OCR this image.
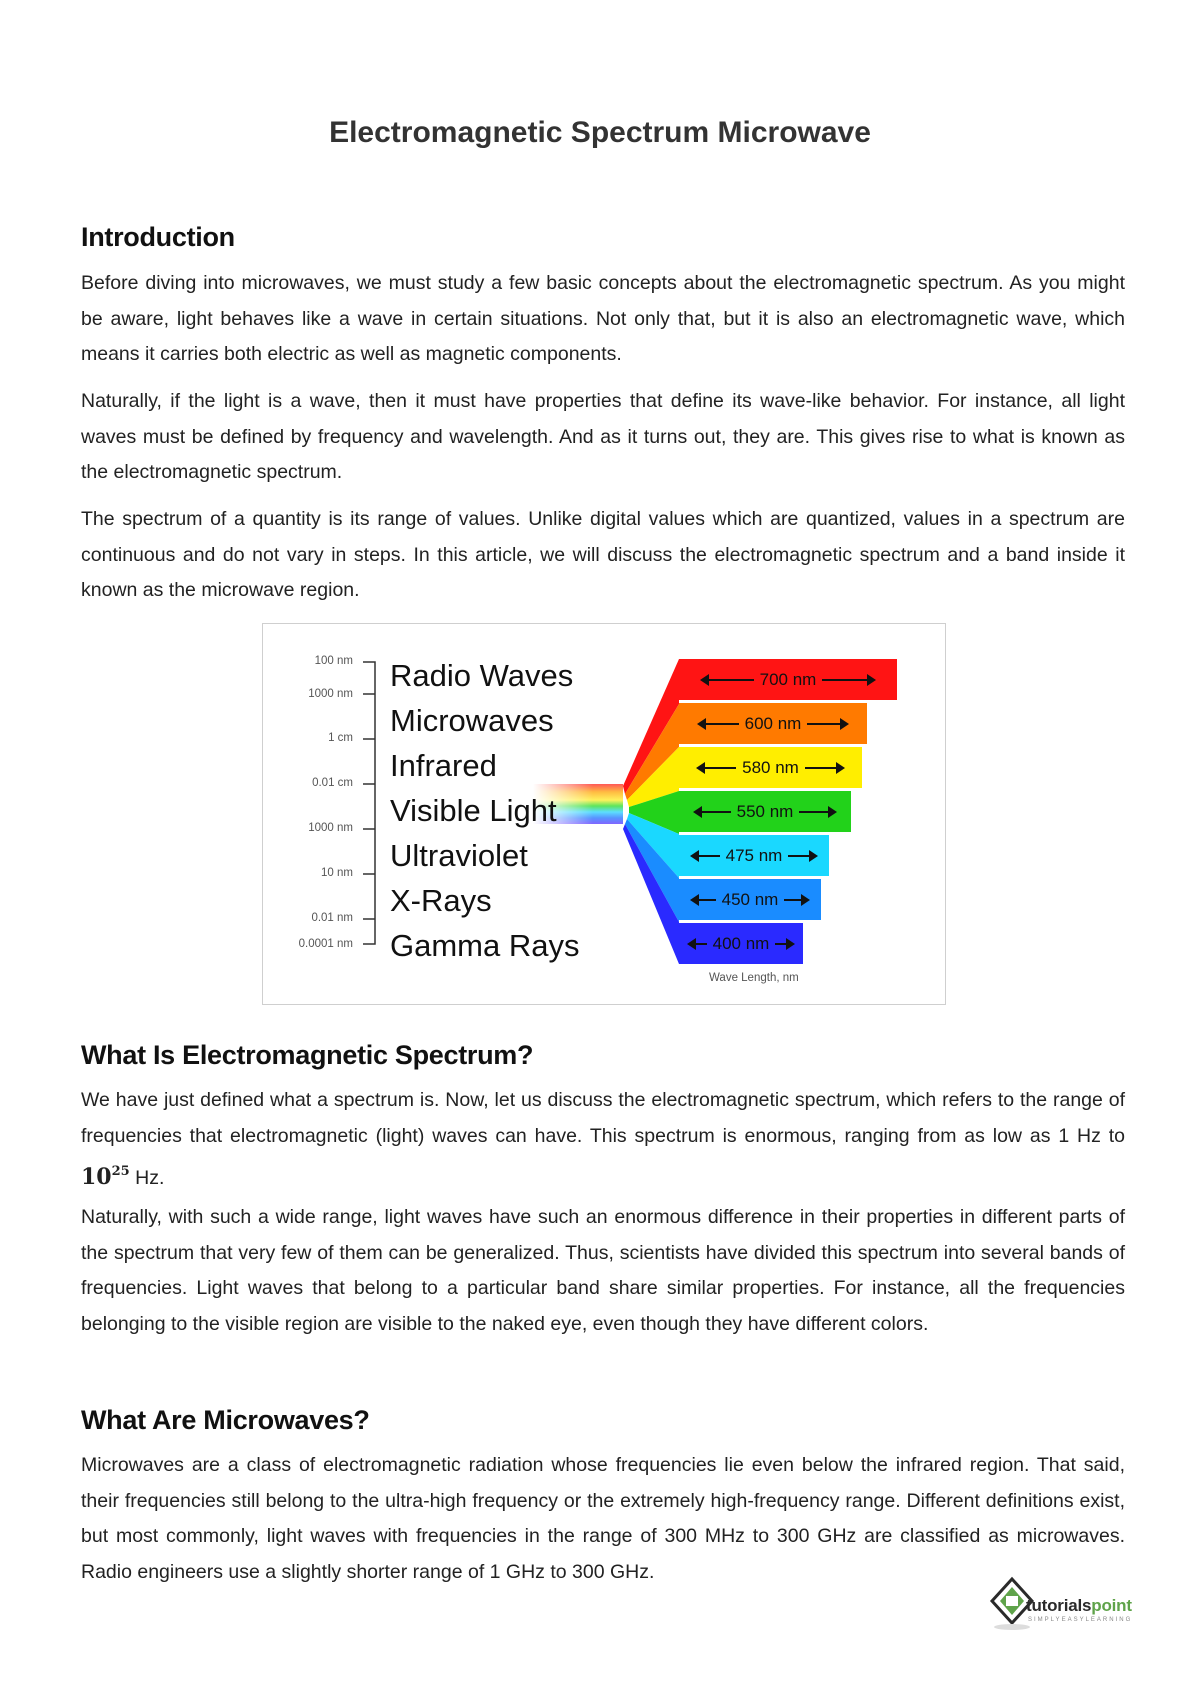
Electromagnetic Spectrum Microwave
Introduction

Before diving into microwaves, we must study a few basic concepts about the electromagnetic spectrum. As you might be aware, light behaves like a wave in certain situations. Not only that, but it is also an electromagnetic wave, which means it carries both electric as well as magnetic components.

Naturally, if the light is a wave, then it must have properties that define its wave-like behavior. For instance, all light waves must be defined by frequency and wavelength. And as it turns out, they are. This gives rise to what is known as the electromagnetic spectrum.

The spectrum of a quantity is its range of values. Unlike digital values which are quantized, values in a spectrum are continuous and do not vary in steps. In this article, we will discuss the electromagnetic spectrum and a band inside it known as the microwave region.

100 nm
1000 nm
1 cm
0.01 cm
1000 nm
10 nm
0.01 nm
0.0001 nm
Radio Waves
Microwaves
Infrared
Visible Light
Ultraviolet
X-Rays
Gamma Rays
700 nm
600 nm
580 nm
550 nm
475 nm
450 nm
400 nm
Wave Length, nm
What Is Electromagnetic Spectrum?

We have just defined what a spectrum is. Now, let us discuss the electromagnetic spectrum, which refers to the range of frequencies that electromagnetic (light) waves can have. This spectrum is enormous, ranging from as low as 1 Hz to $10^{25}$ Hz.

Naturally, with such a wide range, light waves have such an enormous difference in their properties in different parts of the spectrum that very few of them can be generalized. Thus, scientists have divided this spectrum into several bands of frequencies. Light waves that belong to a particular band share similar properties. For instance, all the frequencies belonging to the visible region are visible to the naked eye, even though they have different colors.

What Are Microwaves?

Microwaves are a class of electromagnetic radiation whose frequencies lie even below the infrared region. That said, their frequencies still belong to the ultra-high frequency or the extremely high-frequency range. Different definitions exist, but most commonly, light waves with frequencies in the range of 300 MHz to 300 GHz are classified as microwaves. Radio engineers use a slightly shorter range of 1 GHz to 300 GHz.

tutorialspoint
SIMPLYEASYLEARNING
